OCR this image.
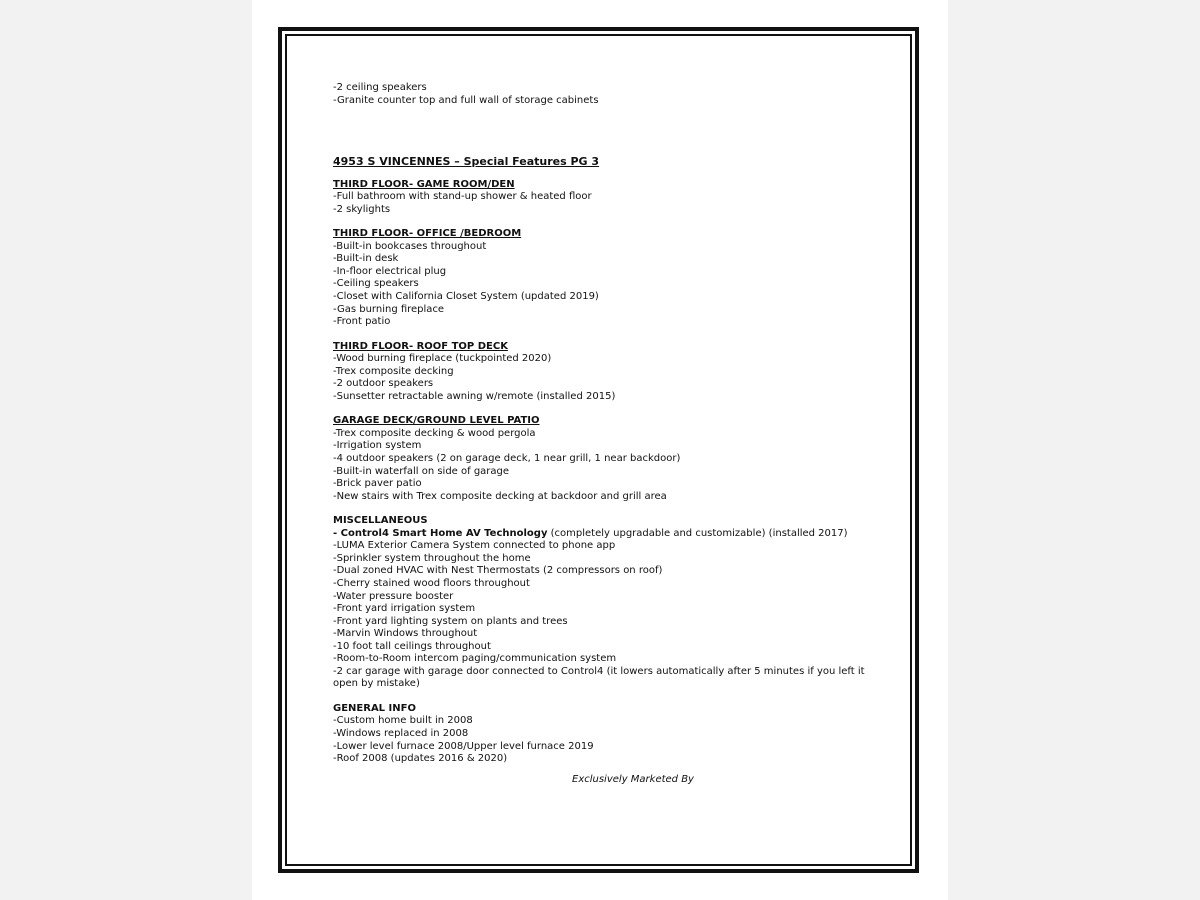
-2 ceiling speakers
-Granite counter top and full wall of storage cabinets
4953 S VINCENNES – Special Features PG 3
THIRD FLOOR- GAME ROOM/DEN
-Full bathroom with stand-up shower & heated floor
-2 skylights
THIRD FLOOR- OFFICE /BEDROOM
-Built-in bookcases throughout
-Built-in desk
-In-floor electrical plug
-Ceiling speakers
-Closet with California Closet System (updated 2019)
-Gas burning fireplace
-Front patio
THIRD FLOOR- ROOF TOP DECK
-Wood burning fireplace (tuckpointed 2020)
-Trex composite decking
-2 outdoor speakers
-Sunsetter retractable awning w/remote (installed 2015)
GARAGE DECK/GROUND LEVEL PATIO
-Trex composite decking & wood pergola
-Irrigation system
-4 outdoor speakers (2 on garage deck, 1 near grill, 1 near backdoor)
-Built-in waterfall on side of garage
-Brick paver patio
-New stairs with Trex composite decking at backdoor and grill area
MISCELLANEOUS
- Control4 Smart Home AV Technology (completely upgradable and customizable) (installed 2017)
-LUMA Exterior Camera System connected to phone app
-Sprinkler system throughout the home
-Dual zoned HVAC with Nest Thermostats (2 compressors on roof)
-Cherry stained wood floors throughout
-Water pressure booster
-Front yard irrigation system
-Front yard lighting system on plants and trees
-Marvin Windows throughout
-10 foot tall ceilings throughout
-Room-to-Room intercom paging/communication system
-2 car garage with garage door connected to Control4 (it lowers automatically after 5 minutes if you left it open by mistake)
GENERAL INFO
-Custom home built in 2008
-Windows replaced in 2008
-Lower level furnace 2008/Upper level furnace 2019
-Roof 2008 (updates 2016 & 2020)
Exclusively Marketed By
